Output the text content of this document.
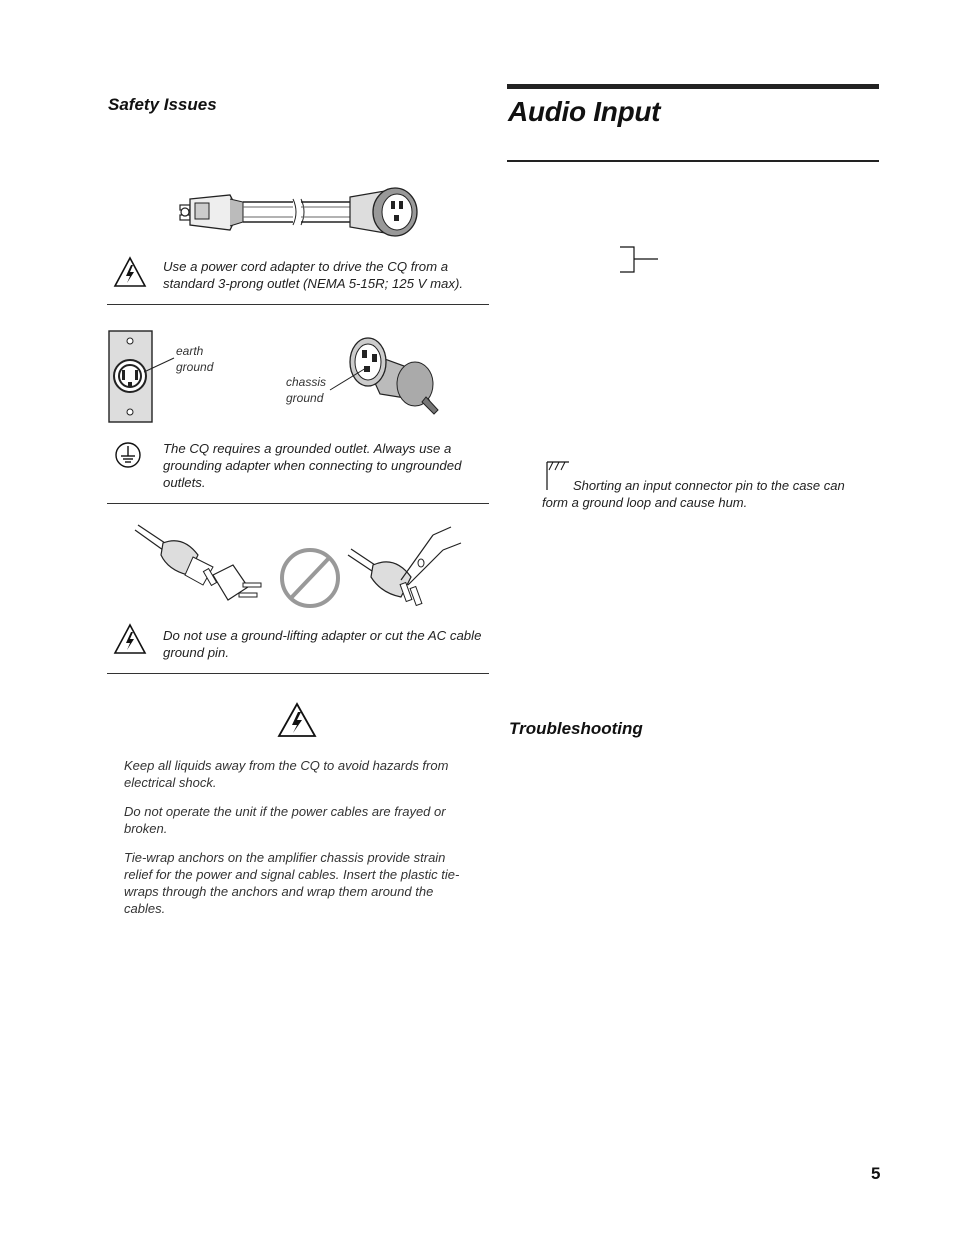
Safety Issues
Use a power cord adapter to drive the CQ from a standard 3-prong outlet (NEMA 5-15R; 125 V max).
earth
ground
chassis
ground
The CQ requires a grounded outlet. Always use a grounding adapter when connecting to ungrounded outlets.
Do not use a ground-lifting adapter or cut the AC cable ground pin.

Keep all liquids away from the CQ to avoid hazards from electrical shock.

Do not operate the unit if the power cables are frayed or broken.

Tie-wrap anchors on the amplifier chassis provide strain relief for the power and signal cables. Insert the plastic tie-wraps through the anchors and wrap them around the cables.

Audio Input
Shorting an input connector pin to the case can form a ground loop and cause hum.
Troubleshooting
5
